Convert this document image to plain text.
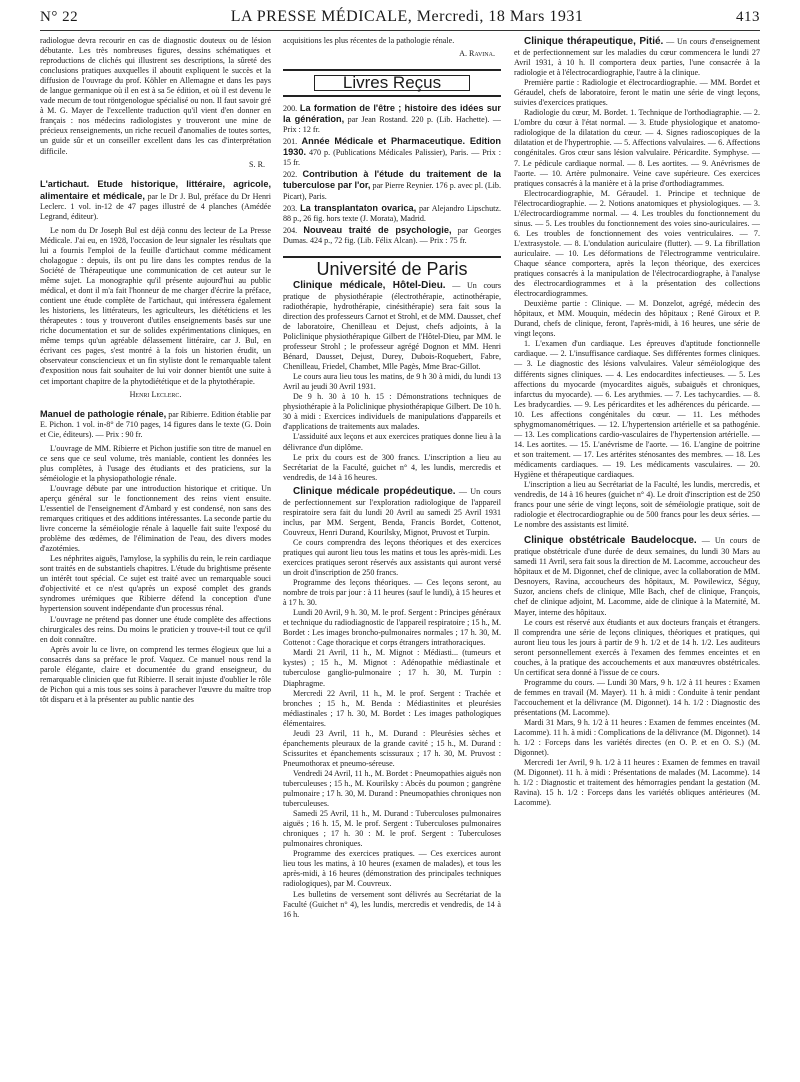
N° 22	LA PRESSE MÉDICALE, Mercredi, 18 Mars 1931	413

radiologue devra recourir en cas de diagnostic douteux ou de lésion débutante. Les très nombreuses figures, dessins schématiques et reproductions de clichés qui illustrent ses descriptions, la sûreté des conclusions pratiques auxquelles il aboutit expliquent le succès et la diffusion de l'ouvrage du prof. Köhler en Allemagne et dans les pays de langue germanique où il en est à sa 5e édition, et où il est devenu le vade mecum de tout röntgenologue spécialisé ou non. Il faut savoir gré à M. G. Mayer de l'excellente traduction qu'il vient d'en donner en français : nos médecins radiologistes y trouveront une mine de précieux renseignements, un riche recueil d'anomalies de toutes sortes, un guide sûr et un conseiller excellent dans les cas d'interprétation difficile.

S. R.

L'artichaut. Etude historique, littéraire, agricole, alimentaire et médicale, par le Dr J. Bul, préface du Dr Henri Leclerc. 1 vol. in-12 de 47 pages illustré de 4 planches (Amédée Legrand, éditeur).

Le nom du Dr Joseph Bul est déjà connu des lecteur de La Presse Médicale. J'ai eu, en 1928, l'occasion de leur signaler les résultats que lui a fournis l'emploi de la feuille d'artichaut comme médicament cholagogue : depuis, ils ont pu lire dans les comptes rendus de la Société de Thérapeutique une communication de cet auteur sur le même sujet. La monographie qu'il présente aujourd'hui au public médical, et dont il m'a fait l'honneur de me charger d'écrire la préface, contient une étude complète de l'artichaut, qui intéressera également les historiens, les littérateurs, les agriculteurs, les diététiciens et les thérapeutes : tous y trouveront d'utiles enseignements basés sur une riche documentation et sur de solides expérimentations cliniques, en même temps qu'un agréable délassement littéraire, car J. Bul, en écrivant ces pages, s'est montré à la fois un historien érudit, un observateur consciencieux et un fin styliste dont le remarquable talent d'exposition nous fait souhaiter de lui voir donner bientôt une suite à cet important chapitre de la phytodiététique et de la phytothérapie.

Henri Leclerc.

Manuel de pathologie rénale, par Ribierre. Edition établie par E. Pichon. 1 vol. in-8° de 710 pages, 14 figures dans le texte (G. Doin et Cie, éditeurs). — Prix : 90 fr.

L'ouvrage de MM. Ribierre et Pichon justifie son titre de manuel en ce sens que ce seul volume, très maniable, contient les données les plus complètes, à l'usage des étudiants et des praticiens, sur la séméiologie et la physiopathologie rénale.

L'ouvrage débute par une introduction historique et critique. Un aperçu général sur le fonctionnement des reins vient ensuite. L'essentiel de l'enseignement d'Ambard y est condensé, non sans des remarques critiques et des additions intéressantes. La seconde partie du livre concerne la séméiologie rénale à laquelle fait suite l'exposé du problème des œdèmes, de l'élimination de l'eau, des divers modes d'azotémies.

Les néphrites aiguës, l'amylose, la syphilis du rein, le rein cardiaque sont traités en de substantiels chapitres. L'étude du brightisme présente un intérêt tout spécial. Ce sujet est traité avec un remarquable souci d'objectivité et ce n'est qu'après un exposé complet des grands syndromes urémiques que Ribierre défend la conception d'une hypertension souvent indépendante d'un processus rénal.

L'ouvrage ne prétend pas donner une étude complète des affections chirurgicales des reins. Du moins le praticien y trouve-t-il tout ce qu'il en doit connaître.

Après avoir lu ce livre, on comprend les termes élogieux que lui a consacrés dans sa préface le prof. Vaquez. Ce manuel nous rend la parole élégante, claire et documentée du grand enseigneur, du remarquable clinicien que fut Ribierre. Il serait injuste d'oublier le rôle de Pichon qui a mis tous ses soins à parachever l'œuvre du maître trop tôt disparu et à la présenter au public nantie des

acquisitions les plus récentes de la pathologie rénale.

A. Ravina.
Livres Reçus

200. La formation de l'être ; histoire des idées sur la génération, par Jean Rostand. 220 p. (Lib. Hachette). — Prix : 12 fr.

201. Année Médicale et Pharmaceutique. Edition 1930. 470 p. (Publications Médicales Palissier), Paris. — Prix : 15 fr.

202. Contribution à l'étude du traitement de la tuberculose par l'or, par Pierre Reynier. 176 p. avec pl. (Lib. Picart), Paris.

203. La transplantaton ovarica, par Alejandro Lipschutz. 88 p., 26 fig. hors texte (J. Morata), Madrid.

204. Nouveau traité de psychologie, par Georges Dumas. 424 p., 72 fig. (Lib. Félix Alcan). — Prix : 75 fr.

Université de Paris

Clinique médicale, Hôtel-Dieu. — Un cours pratique de physiothérapie (électrothérapie, actinothérapie, radiothérapie, hydrothérapie, cinésithérapie) sera fait sous la direction des professeurs Carnot et Strohl, et de MM. Dausset, chef de laboratoire, Chenilleau et Dejust, chefs adjoints, à la Policlinique physiothérapique Gilbert de l'Hôtel-Dieu, par MM. le professeur Strohl ; le professeur agrégé Dognon et MM. Henri Bénard, Dausset, Dejust, Durey, Dubois-Roquebert, Fabre, Chenilleau, Friedel, Chambet, Mlle Pagès, Mme Brac-Gillot.

Le cours aura lieu tous les matins, de 9 h 30 à midi, du lundi 13 Avril au jeudi 30 Avril 1931.

De 9 h. 30 à 10 h. 15 : Démonstrations techniques de physiothérapie à la Policlinique physiothérapique Gilbert. De 10 h. 30 à midi : Exercices individuels de manipulations d'appareils et d'applications de traitements aux malades.

L'assiduité aux leçons et aux exercices pratiques donne lieu à la délivrance d'un diplôme.

Le prix du cours est de 300 francs. L'inscription a lieu au Secrétariat de la Faculté, guichet n° 4, les lundis, mercredis et vendredis, de 14 à 16 heures.

Clinique médicale propédeutique. — Un cours de perfectionnement sur l'exploration radiologique de l'appareil respiratoire sera fait du lundi 20 Avril au samedi 25 Avril 1931 inclus, par MM. Sergent, Benda, Francis Bordet, Cottenot, Couvreux, Henri Durand, Kourilsky, Mignot, Pruvost et Turpin.

Ce cours comprendra des leçons théoriques et des exercices pratiques qui auront lieu tous les matins et tous les après-midi. Les exercices pratiques seront réservés aux assistants qui auront versé un droit d'inscription de 250 francs.

Programme des leçons théoriques. — Ces leçons seront, au nombre de trois par jour : à 11 heures (sauf le lundi), à 15 heures et à 17 h. 30.

Lundi 20 Avril, 9 h. 30, M. le prof. Sergent : Principes généraux et technique du radiodiagnostic de l'appareil respiratoire ; 15 h., M. Bordet : Les images broncho-pulmonaires normales ; 17 h. 30, M. Cottenot : Cage thoracique et corps étrangers intrathoraciques.

Mardi 21 Avril, 11 h., M. Mignot : Médiasti... (tumeurs et kystes) ; 15 h., M. Mignot : Adénopathie médiastinale et tuberculose ganglio-pulmonaire ; 17 h. 30, M. Turpin : Diaphragme.

Mercredi 22 Avril, 11 h., M. le prof. Sergent : Trachée et bronches ; 15 h., M. Benda : Médiastinites et pleurésies médiastinales ; 17 h. 30, M. Bordet : Les images pathologiques élémentaires.

Jeudi 23 Avril, 11 h., M. Durand : Pleurésies sèches et épanchements pleuraux de la grande cavité ; 15 h., M. Durand : Scissurites et épanchements scissuraux ; 17 h. 30, M. Pruvost : Pneumothorax et pneumo-séreuse.

Vendredi 24 Avril, 11 h., M. Bordet : Pneumopathies aiguës non tuberculeuses ; 15 h., M. Kourilsky : Abcès du poumon ; gangrène pulmonaire ; 17 h. 30, M. Durand : Pneumopathies chroniques non tuberculeuses.

Samedi 25 Avril, 11 h., M. Durand : Tuberculoses pulmonaires aiguës ; 16 h. 15, M. le prof. Sergent : Tuberculoses pulmonaires chroniques ; 17 h. 30 : M. le prof. Sergent : Tuberculoses pulmonaires chroniques.

Programme des exercices pratiques. — Ces exercices auront lieu tous les matins, à 10 heures (examen de malades), et tous les après-midi, à 16 heures (démonstration des principales techniques radiologiques), par M. Couvreux.

Les bulletins de versement sont délivrés au Secrétariat de la Faculté (Guichet n° 4), les lundis, mercredis et vendredis, de 14 à 16 h.

Clinique thérapeutique, Pitié. — Un cours d'enseignement et de perfectionnement sur les maladies du cœur commencera le lundi 27 Avril 1931, à 10 h. Il comportera deux parties, l'une consacrée à la radiologie et à l'électrocardiographie, l'autre à la clinique.

Première partie : Radiologie et électrocardiographie. — MM. Bordet et Géraudel, chefs de laboratoire, feront le matin une série de vingt leçons, suivies d'exercices pratiques.

Radiologie du cœur, M. Bordet. 1. Technique de l'orthodiagraphie. — 2. L'ombre du cœur à l'état normal. — 3. Etude physiologique et anatomo-radiologique de la dilatation du cœur. — 4. Signes radioscopiques de la dilatation et de l'hypertrophie. — 5. Affections valvulaires. — 6. Affections congénitales. Gros cœur sans lésion valvulaire. Péricardite. Symphyse. — 7. Le pédicule cardiaque normal. — 8. Les aortites. — 9. Anévrismes de l'aorte. — 10. Artère pulmonaire. Veine cave supérieure. Ces exercices pratiques consacrés à la manière et à la prise d'orthodiagrammes.

Electrocardiographie, M. Géraudel. 1. Principe et technique de l'électrocardiographie. — 2. Notions anatomiques et physiologiques. — 3. L'électrocardiogramme normal. — 4. Les troubles du fonctionnement du sinus. — 5. Les troubles du fonctionnement des voies sino-auriculaires. — 6. Les troubles de fonctionnement des voies ventriculaires. — 7. L'extrasystole. — 8. L'ondulation auriculaire (flutter). — 9. La fibrillation auriculaire. — 10. Les déformations de l'électrogramme ventriculaire. Chaque séance comportera, après la leçon théorique, des exercices pratiques consacrés à la manipulation de l'électrocardiographe, à l'analyse des électrocardiogrammes et à la présentation des collections électrocardiogrammes.

Deuxième partie : Clinique. — M. Donzelot, agrégé, médecin des hôpitaux, et MM. Mouquin, médecin des hôpitaux ; René Giroux et P. Durand, chefs de clinique, feront, l'après-midi, à 16 heures, une série de vingt leçons.

1. L'examen d'un cardiaque. Les épreuves d'aptitude fonctionnelle cardiaque. — 2. L'insuffisance cardiaque. Ses différentes formes cliniques. — 3. Le diagnostic des lésions valvulaires. Valeur séméiologique des différents signes cliniques. — 4. Les endocardites infectieuses. — 5. Les affections du myocarde (myocardites aiguës, subaiguës et chroniques, infarctus du myocarde). — 6. Les arythmies. — 7. Les tachycardies. — 8. Les bradycardies. — 9. Les péricardites et les adhérences du péricarde. — 10. Les affections congénitales du cœur. — 11. Les méthodes sphygmomanométriques. — 12. L'hypertension artérielle et sa pathogénie. — 13. Les complications cardio-vasculaires de l'hypertension artérielle. — 14. Les aortites. — 15. L'anévrisme de l'aorte. — 16. L'angine de poitrine et son traitement. — 17. Les artérites sténosantes des membres. — 18. Les médicaments cardiaques. — 19. Les médicaments vasculaires. — 20. Hygiène et thérapeutique cardiaques.

L'inscription a lieu au Secrétariat de la Faculté, les lundis, mercredis, et vendredis, de 14 à 16 heures (guichet n° 4). Le droit d'inscription est de 250 francs pour une série de vingt leçons, soit de séméiologie pratique, soit de radiologie et électrocardiographie ou de 500 francs pour les deux séries. — Le nombre des assistants est limité.

Clinique obstétricale Baudelocque. — Un cours de pratique obstétricale d'une durée de deux semaines, du lundi 30 Mars au samedi 11 Avril, sera fait sous la direction de M. Lacomme, accoucheur des hôpitaux et de M. Digonnet, chef de clinique, avec la collaboration de MM. Desnoyers, Ravina, accoucheurs des hôpitaux, M. Powilewicz, Séguy, Suzor, anciens chefs de clinique, Mlle Bach, chef de clinique, François, chef de clinique adjoint, M. Lacomme, aide de clinique à la Maternité, M. Mayer, interne des hôpitaux.

Le cours est réservé aux étudiants et aux docteurs français et étrangers. Il comprendra une série de leçons cliniques, théoriques et pratiques, qui auront lieu tous les jours à partir de 9 h. 1/2 et de 14 h. 1/2. Les auditeurs seront personnellement exercés à l'examen des femmes enceintes et en couches, à la pratique des accouchements et aux manœuvres obstétricales. Un certificat sera donné à l'issue de ce cours.

Programme du cours. — Lundi 30 Mars, 9 h. 1/2 à 11 heures : Examen de femmes en travail (M. Mayer). 11 h. à midi : Conduite à tenir pendant l'accouchement et la délivrance (M. Digonnet). 14 h. 1/2 : Diagnostic des présentations (M. Lacomme).

Mardi 31 Mars, 9 h. 1/2 à 11 heures : Examen de femmes enceintes (M. Lacomme). 11 h. à midi : Complications de la délivrance (M. Digonnet). 14 h. 1/2 : Forceps dans les variétés directes (en O. P. et en O. S.) (M. Digonnet).

Mercredi 1er Avril, 9 h. 1/2 à 11 heures : Examen de femmes en travail (M. Digonnet). 11 h. à midi : Présentations de malades (M. Lacomme). 14 h. 1/2 : Diagnostic et traitement des hémorragies pendant la gestation (M. Ravina). 15 h. 1/2 : Forceps dans les variétés obliques antérieures (M. Lacomme).
